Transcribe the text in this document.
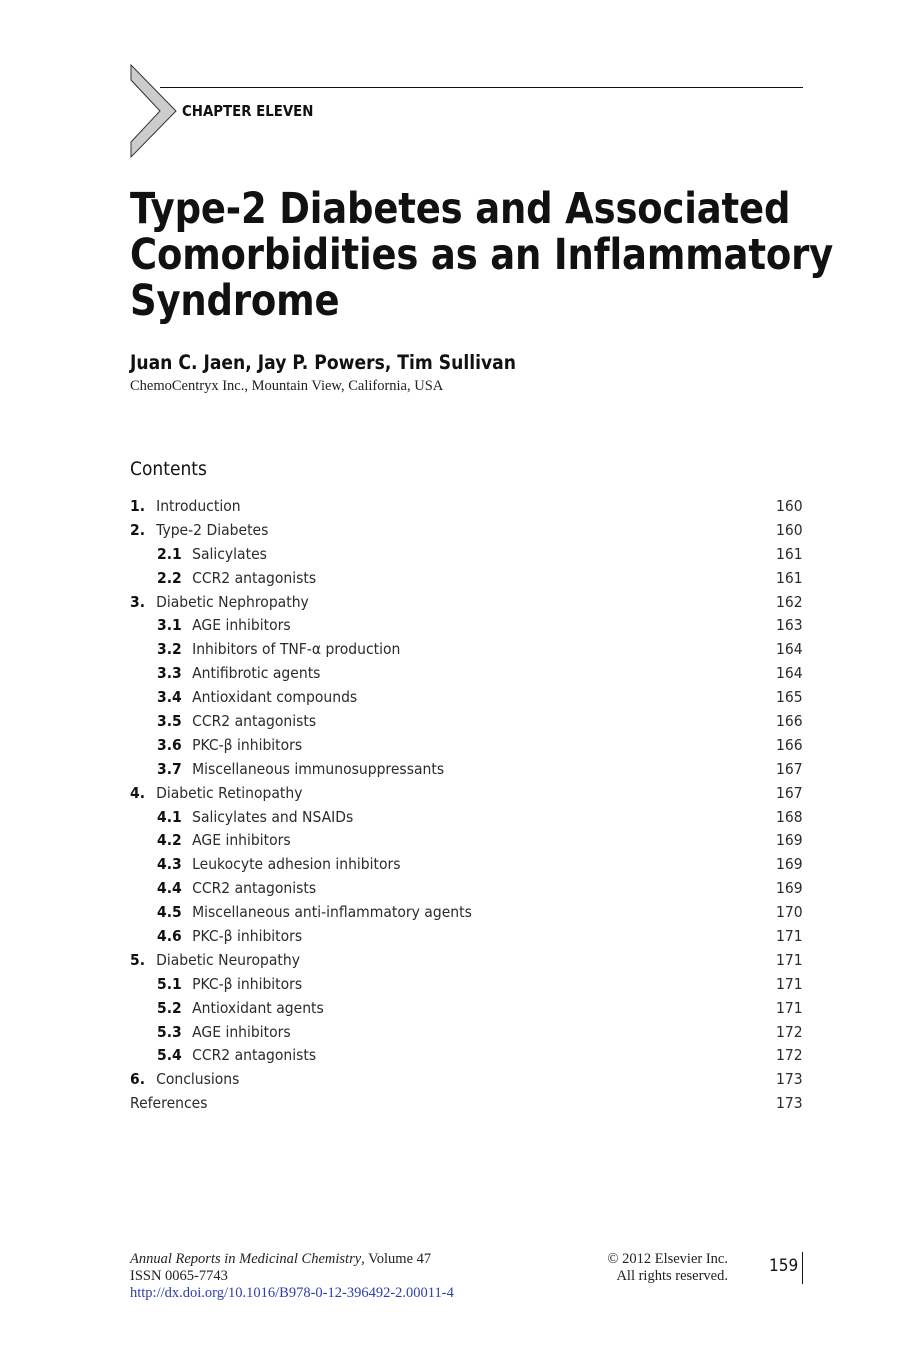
CHAPTER ELEVEN
Type-2 Diabetes and Associated
Comorbidities as an Inflammatory
Syndrome
Juan C. Jaen, Jay P. Powers, Tim Sullivan
ChemoCentryx Inc., Mountain View, California, USA
Contents
1. Introduction	160
2. Type-2 Diabetes	160
2.1 Salicylates	161
2.2 CCR2 antagonists	161
3. Diabetic Nephropathy	162
3.1 AGE inhibitors	163
3.2 Inhibitors of TNF-α production	164
3.3 Antifibrotic agents	164
3.4 Antioxidant compounds	165
3.5 CCR2 antagonists	166
3.6 PKC-β inhibitors	166
3.7 Miscellaneous immunosuppressants	167
4. Diabetic Retinopathy	167
4.1 Salicylates and NSAIDs	168
4.2 AGE inhibitors	169
4.3 Leukocyte adhesion inhibitors	169
4.4 CCR2 antagonists	169
4.5 Miscellaneous anti-inflammatory agents	170
4.6 PKC-β inhibitors	171
5. Diabetic Neuropathy	171
5.1 PKC-β inhibitors	171
5.2 Antioxidant agents	171
5.3 AGE inhibitors	172
5.4 CCR2 antagonists	172
6. Conclusions	173
References	173
Annual Reports in Medicinal Chemistry, Volume 47
ISSN 0065-7743
http://dx.doi.org/10.1016/B978-0-12-396492-2.00011-4
© 2012 Elsevier Inc.
All rights reserved. 159
